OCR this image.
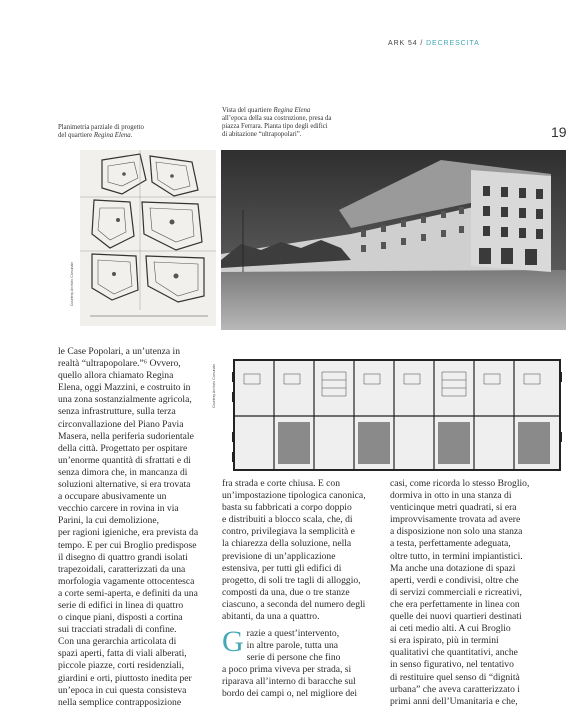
ARK 54 / DECRESCITA
19
Planimetria parziale di progetto
del quartiere Regina Elena.
Vista del quartiere Regina Elena
all’epoca della sua costruzione, presa da
piazza Ferrara. Pianta tipo degli edifici
di abitazione “ultrapopolari”.
Courtesy Archivio Comunale
Courtesy Archivio Comunale

le Case Popolari, a un’utenza in

realtà “ultrapopolare.”⁶ Ovvero,

quello allora chiamato Regina

Elena, oggi Mazzini, e costruito in

una zona sostanzialmente agricola,

senza infrastrutture, sulla terza

circonvallazione del Piano Pavia

Masera, nella periferia sudorientale

della città. Progettato per ospitare

un’enorme quantità di sfrattati e di

senza dimora che, in mancanza di

soluzioni alternative, si era trovata

a occupare abusivamente un

vecchio carcere in rovina in via

Parini, la cui demolizione,

per ragioni igieniche, era prevista da

tempo. E per cui Broglio predispose

il disegno di quattro grandi isolati

trapezoidali, caratterizzati da una

morfologia vagamente ottocentesca

a corte semi-aperta, e definiti da una

serie di edifici in linea di quattro

o cinque piani, disposti a cortina

sui tracciati stradali di confine.

Con una gerarchia articolata di

spazi aperti, fatta di viali alberati,

piccole piazze, corti residenziali,

giardini e orti, piuttosto inedita per

un’epoca in cui questa consisteva

nella semplice contrapposizione

fra strada e corte chiusa. E con

un’impostazione tipologica canonica,

basta su fabbricati a corpo doppio

e distribuiti a blocco scala, che, di

contro, privilegiava la semplicità e

la chiarezza della soluzione, nella

previsione di un’applicazione

estensiva, per tutti gli edifici di

progetto, di soli tre tagli di alloggio,

composti da una, due o tre stanze

ciascuno, a seconda del numero degli

abitanti, da una a quattro.

G razie a quest’intervento,

in altre parole, tutta una

serie di persone che fino

a poco prima viveva per strada, si

riparava all’interno di baracche sul

bordo dei campi o, nel migliore dei

casi, come ricorda lo stesso Broglio,

dormiva in otto in una stanza di

venticinque metri quadrati, si era

improvvisamente trovata ad avere

a disposizione non solo una stanza

a testa, perfettamente adeguata,

oltre tutto, in termini impiantistici.

Ma anche una dotazione di spazi

aperti, verdi e condivisi, oltre che

di servizi commerciali e ricreativi,

che era perfettamente in linea con

quelle dei nuovi quartieri destinati

ai ceti medio alti. A cui Broglio

si era ispirato, più in termini

qualitativi che quantitativi, anche

in senso figurativo, nel tentativo

di restituire quel senso di “dignità

urbana” che aveva caratterizzato i

primi anni dell’Umanitaria e che,
